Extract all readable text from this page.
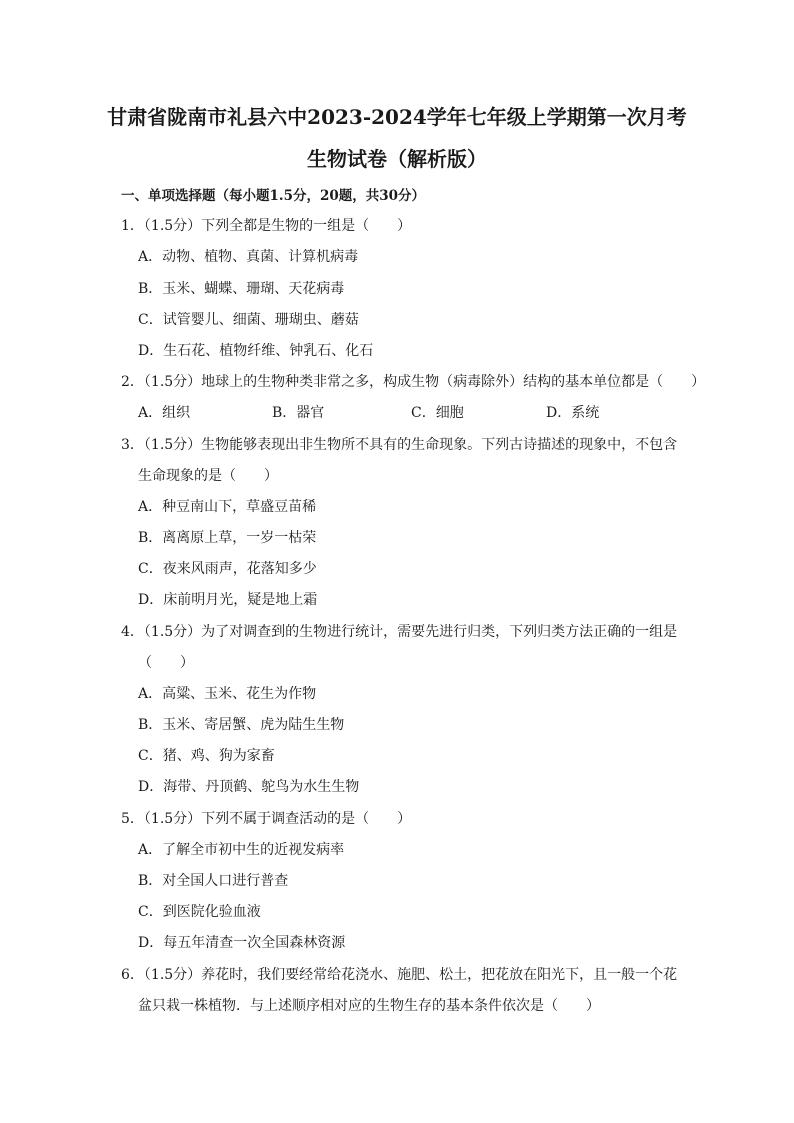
甘肃省陇南市礼县六中2023-2024学年七年级上学期第一次月考
生物试卷（解析版）
一、单项选择题（每小题1.5分，20题，共30分）
1．（1.5分）下列全都是生物的一组是（　　）
A．动物、植物、真菌、计算机病毒
B．玉米、蝴蝶、珊瑚、天花病毒
C．试管婴儿、细菌、珊瑚虫、蘑菇
D．生石花、植物纤维、钟乳石、化石
2．（1.5分）地球上的生物种类非常之多，构成生物（病毒除外）结构的基本单位都是（　　）
A．组织	B．器官	C．细胞	D．系统
3．（1.5分）生物能够表现出非生物所不具有的生命现象。下列古诗描述的现象中，不包含
生命现象的是（　　）
A．种豆南山下，草盛豆苗稀
B．离离原上草，一岁一枯荣
C．夜来风雨声，花落知多少
D．床前明月光，疑是地上霜
4．（1.5分）为了对调查到的生物进行统计，需要先进行归类，下列归类方法正确的一组是
（　　）
A．高粱、玉米、花生为作物
B．玉米、寄居蟹、虎为陆生生物
C．猪、鸡、狗为家畜
D．海带、丹顶鹤、鸵鸟为水生生物
5．（1.5分）下列不属于调查活动的是（　　）
A．了解全市初中生的近视发病率
B．对全国人口进行普查
C．到医院化验血液
D．每五年清查一次全国森林资源
6．（1.5分）养花时，我们要经常给花浇水、施肥、松土，把花放在阳光下，且一般一个花
盆只栽一株植物．与上述顺序相对应的生物生存的基本条件依次是（　　）
